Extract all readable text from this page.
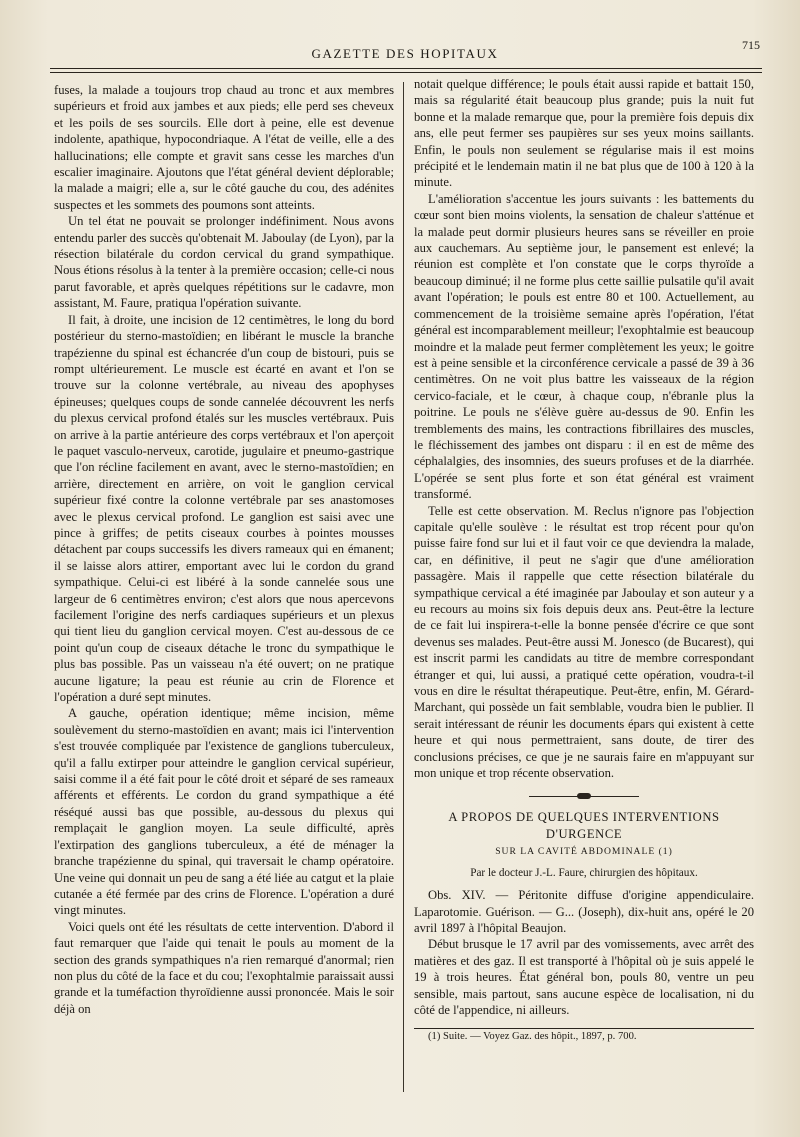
GAZETTE DES HOPITAUX
715

fuses, la malade a toujours trop chaud au tronc et aux membres supérieurs et froid aux jambes et aux pieds; elle perd ses cheveux et les poils de ses sourcils. Elle dort à peine, elle est devenue indolente, apathique, hypocondriaque. A l'état de veille, elle a des hallucinations; elle compte et gravit sans cesse les marches d'un escalier imaginaire. Ajoutons que l'état général devient déplorable; la malade a maigri; elle a, sur le côté gauche du cou, des adénites suspectes et les sommets des poumons sont atteints.

Un tel état ne pouvait se prolonger indéfiniment. Nous avons entendu parler des succès qu'obtenait M. Jaboulay (de Lyon), par la résection bilatérale du cordon cervical du grand sympathique. Nous étions résolus à la tenter à la première occasion; celle-ci nous parut favorable, et après quelques répétitions sur le cadavre, mon assistant, M. Faure, pratiqua l'opération suivante.

Il fait, à droite, une incision de 12 centimètres, le long du bord postérieur du sterno-mastoïdien; en libérant le muscle la branche trapézienne du spinal est échancrée d'un coup de bistouri, puis se rompt ultérieurement. Le muscle est écarté en avant et l'on se trouve sur la colonne vertébrale, au niveau des apophyses épineuses; quelques coups de sonde cannelée découvrent les nerfs du plexus cervical profond étalés sur les muscles vertébraux. Puis on arrive à la partie antérieure des corps vertébraux et l'on aperçoit le paquet vasculo-nerveux, carotide, jugulaire et pneumo-gastrique que l'on récline facilement en avant, avec le sterno-mastoïdien; en arrière, directement en arrière, on voit le ganglion cervical supérieur fixé contre la colonne vertébrale par ses anastomoses avec le plexus cervical profond. Le ganglion est saisi avec une pince à griffes; de petits ciseaux courbes à pointes mousses détachent par coups successifs les divers rameaux qui en émanent; il se laisse alors attirer, emportant avec lui le cordon du grand sympathique. Celui-ci est libéré à la sonde cannelée sous une largeur de 6 centimètres environ; c'est alors que nous apercevons facilement l'origine des nerfs cardiaques supérieurs et un plexus qui tient lieu du ganglion cervical moyen. C'est au-dessous de ce point qu'un coup de ciseaux détache le tronc du sympathique le plus bas possible. Pas un vaisseau n'a été ouvert; on ne pratique aucune ligature; la peau est réunie au crin de Florence et l'opération a duré sept minutes.

A gauche, opération identique; même incision, même soulèvement du sterno-mastoïdien en avant; mais ici l'intervention s'est trouvée compliquée par l'existence de ganglions tuberculeux, qu'il a fallu extirper pour atteindre le ganglion cervical supérieur, saisi comme il a été fait pour le côté droit et séparé de ses rameaux afférents et efférents. Le cordon du grand sympathique a été réséqué aussi bas que possible, au-dessous du plexus qui remplaçait le ganglion moyen. La seule difficulté, après l'extirpation des ganglions tuberculeux, a été de ménager la branche trapézienne du spinal, qui traversait le champ opératoire. Une veine qui donnait un peu de sang a été liée au catgut et la plaie cutanée a été fermée par des crins de Florence. L'opération a duré vingt minutes.

Voici quels ont été les résultats de cette intervention. D'abord il faut remarquer que l'aide qui tenait le pouls au moment de la section des grands sympathiques n'a rien remarqué d'anormal; rien non plus du côté de la face et du cou; l'exophtalmie paraissait aussi grande et la tuméfaction thyroïdienne aussi prononcée. Mais le soir déjà on

notait quelque différence; le pouls était aussi rapide et battait 150, mais sa régularité était beaucoup plus grande; puis la nuit fut bonne et la malade remarque que, pour la première fois depuis dix ans, elle peut fermer ses paupières sur ses yeux moins saillants. Enfin, le pouls non seulement se régularise mais il est moins précipité et le lendemain matin il ne bat plus que de 100 à 120 à la minute.

L'amélioration s'accentue les jours suivants : les battements du cœur sont bien moins violents, la sensation de chaleur s'atténue et la malade peut dormir plusieurs heures sans se réveiller en proie aux cauchemars. Au septième jour, le pansement est enlevé; la réunion est complète et l'on constate que le corps thyroïde a beaucoup diminué; il ne forme plus cette saillie pulsatile qu'il avait avant l'opération; le pouls est entre 80 et 100. Actuellement, au commencement de la troisième semaine après l'opération, l'état général est incomparablement meilleur; l'exophtalmie est beaucoup moindre et la malade peut fermer complètement les yeux; le goitre est à peine sensible et la circonférence cervicale a passé de 39 à 36 centimètres. On ne voit plus battre les vaisseaux de la région cervico-faciale, et le cœur, à chaque coup, n'ébranle plus la poitrine. Le pouls ne s'élève guère au-dessus de 90. Enfin les tremblements des mains, les contractions fibrillaires des muscles, le fléchissement des jambes ont disparu : il en est de même des céphalalgies, des insomnies, des sueurs profuses et de la diarrhée. L'opérée se sent plus forte et son état général est vraiment transformé.

Telle est cette observation. M. Reclus n'ignore pas l'objection capitale qu'elle soulève : le résultat est trop récent pour qu'on puisse faire fond sur lui et il faut voir ce que deviendra la malade, car, en définitive, il peut ne s'agir que d'une amélioration passagère. Mais il rappelle que cette résection bilatérale du sympathique cervical a été imaginée par Jaboulay et son auteur y a eu recours au moins six fois depuis deux ans. Peut-être la lecture de ce fait lui inspirera-t-elle la bonne pensée d'écrire ce que sont devenus ses malades. Peut-être aussi M. Jonesco (de Bucarest), qui est inscrit parmi les candidats au titre de membre correspondant étranger et qui, lui aussi, a pratiqué cette opération, voudra-t-il vous en dire le résultat thérapeutique. Peut-être, enfin, M. Gérard-Marchant, qui possède un fait semblable, voudra bien le publier. Il serait intéressant de réunir les documents épars qui existent à cette heure et qui nous permettraient, sans doute, de tirer des conclusions précises, ce que je ne saurais faire en m'appuyant sur mon unique et trop récente observation.

A PROPOS DE QUELQUES INTERVENTIONS D'URGENCE
SUR LA CAVITÉ ABDOMINALE (1)
Par le docteur J.-L. Faure, chirurgien des hôpitaux.

Obs. XIV. — Péritonite diffuse d'origine appendiculaire. Laparotomie. Guérison. — G... (Joseph), dix-huit ans, opéré le 20 avril 1897 à l'hôpital Beaujon.

Début brusque le 17 avril par des vomissements, avec arrêt des matières et des gaz. Il est transporté à l'hôpital où je suis appelé le 19 à trois heures. État général bon, pouls 80, ventre un peu sensible, mais partout, sans aucune espèce de localisation, ni du côté de l'appendice, ni ailleurs.

(1) Suite. — Voyez Gaz. des hôpit., 1897, p. 700.
